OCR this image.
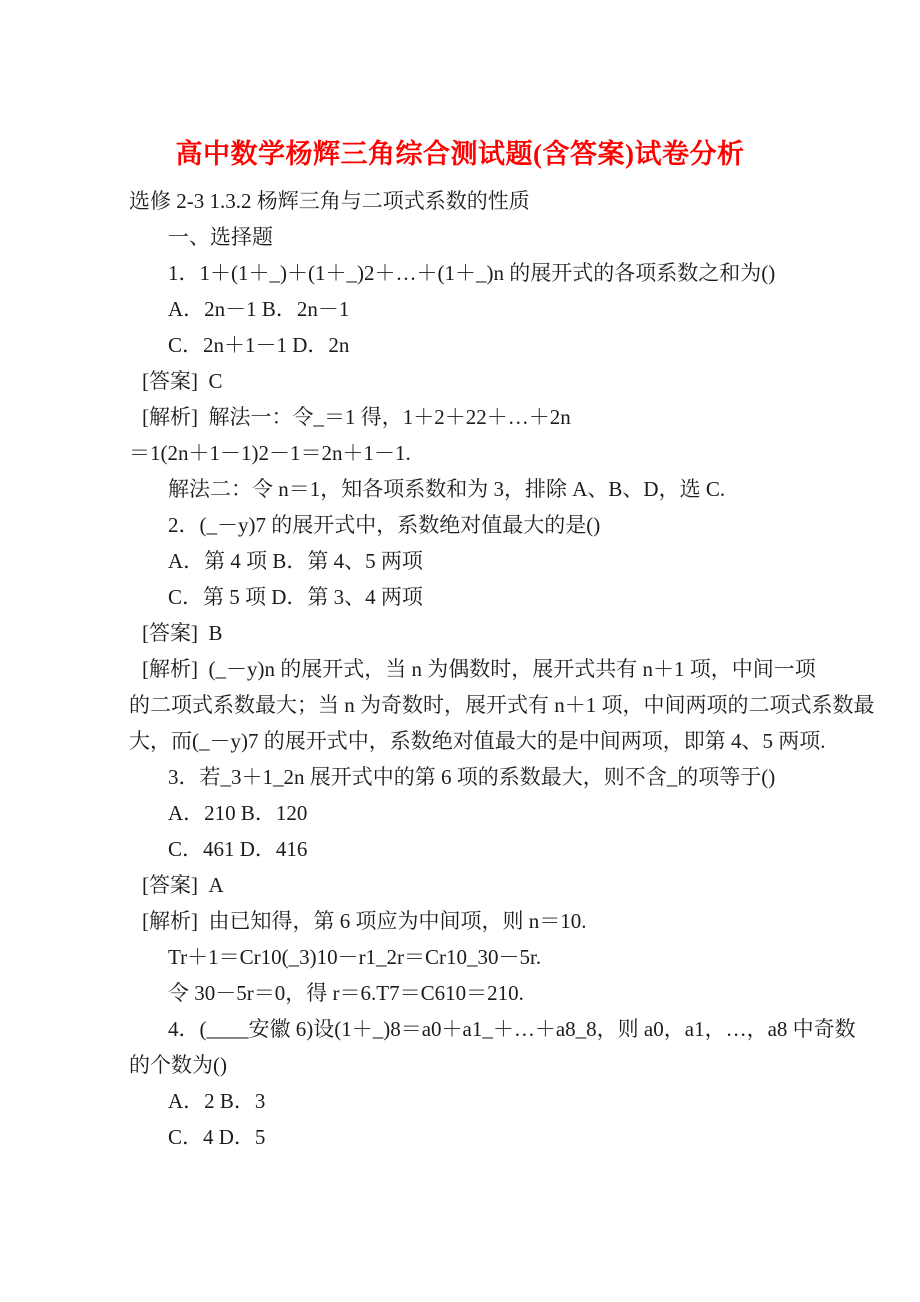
高中数学杨辉三角综合测试题(含答案)试卷分析

选修 2-3 1.3.2 杨辉三角与二项式系数的性质

一、选择题

1．1＋(1＋_)＋(1＋_)2＋…＋(1＋_)n 的展开式的各项系数之和为()

A．2n－1 B．2n－1

C．2n＋1－1 D．2n

[答案]  C

[解析]  解法一：令_＝1 得，1＋2＋22＋…＋2n

＝1(2n＋1－1)2－1＝2n＋1－1.

解法二：令 n＝1，知各项系数和为 3，排除 A、B、D，选 C.

2．(_－y)7 的展开式中，系数绝对值最大的是()

A．第 4 项 B．第 4、5 两项

C．第 5 项 D．第 3、4 两项

[答案]  B

[解析]  (_－y)n 的展开式，当 n 为偶数时，展开式共有 n＋1 项，中间一项

的二项式系数最大；当 n 为奇数时，展开式有 n＋1 项，中间两项的二项式系数最

大，而(_－y)7 的展开式中，系数绝对值最大的是中间两项，即第 4、5 两项.

3．若_3＋1_2n 展开式中的第 6 项的系数最大，则不含_的项等于()

A．210 B．120

C．461 D．416

[答案]  A

[解析]  由已知得，第 6 项应为中间项，则 n＝10.

Tr＋1＝Cr10(_3)10－r1_2r＝Cr10_30－5r.

令 30－5r＝0，得 r＝6.T7＝C610＝210.

4．(____安徽 6)设(1＋_)8＝a0＋a1_＋…＋a8_8，则 a0，a1，…，a8 中奇数

的个数为()

A．2 B．3

C．4 D．5
